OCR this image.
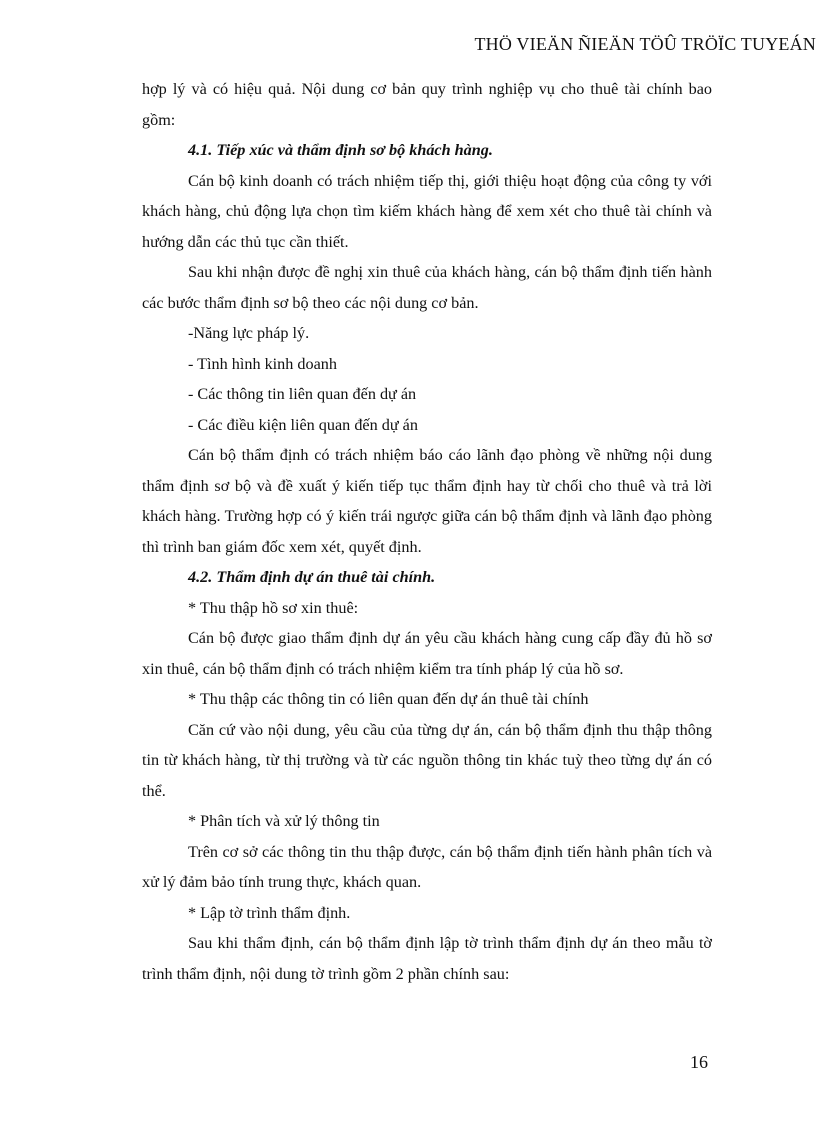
THÖ VIEÄN ÑIEÄN TÖÛ TRÖÏC TUYEÁN

hợp lý và có hiệu quả. Nội dung cơ bản quy trình nghiệp vụ cho thuê tài chính bao gồm:

4.1. Tiếp xúc và thẩm định sơ bộ khách hàng.

Cán bộ kinh doanh có trách nhiệm tiếp thị, giới thiệu hoạt động của công ty với khách hàng, chủ động lựa chọn tìm kiếm khách hàng để xem xét cho thuê tài chính và hướng dẫn các thủ tục cần thiết.

Sau khi nhận được đề nghị xin thuê của khách hàng, cán bộ thẩm định tiến hành các bước thẩm định sơ bộ theo các nội dung cơ bản.

-Năng lực pháp lý.

- Tình hình kinh doanh

- Các thông tin liên quan đến dự án

- Các điều kiện liên quan đến dự án

Cán bộ thẩm định có trách nhiệm báo cáo lãnh đạo phòng về những nội dung thẩm định sơ bộ và đề xuất ý kiến tiếp tục thẩm định hay từ chối cho thuê và trả lời khách hàng. Trường hợp có ý kiến trái ngược giữa cán bộ thẩm định và lãnh đạo phòng thì trình ban giám đốc xem xét, quyết định.

4.2. Thẩm định dự án thuê tài chính.

* Thu thập hồ sơ xin thuê:

Cán bộ được giao thẩm định dự án yêu cầu khách hàng cung cấp đầy đủ hồ sơ xin thuê, cán bộ thẩm định có trách nhiệm kiểm tra tính pháp lý của hồ sơ.

* Thu thập các thông tin có liên quan đến dự án thuê tài chính

Căn cứ vào nội dung, yêu cầu của từng dự án, cán bộ thẩm định thu thập thông tin từ khách hàng, từ thị trường và từ các nguồn thông tin khác tuỳ theo từng dự án có thể.

* Phân tích và xử lý thông tin

Trên cơ sở các thông tin thu thập được, cán bộ thẩm định tiến hành phân tích và xử lý đảm bảo tính trung thực, khách quan.

* Lập tờ trình thẩm định.

Sau khi thẩm định, cán bộ thẩm định lập tờ trình thẩm định dự án theo mẫu tờ trình thẩm định, nội dung tờ trình gồm 2 phần chính sau:

16
